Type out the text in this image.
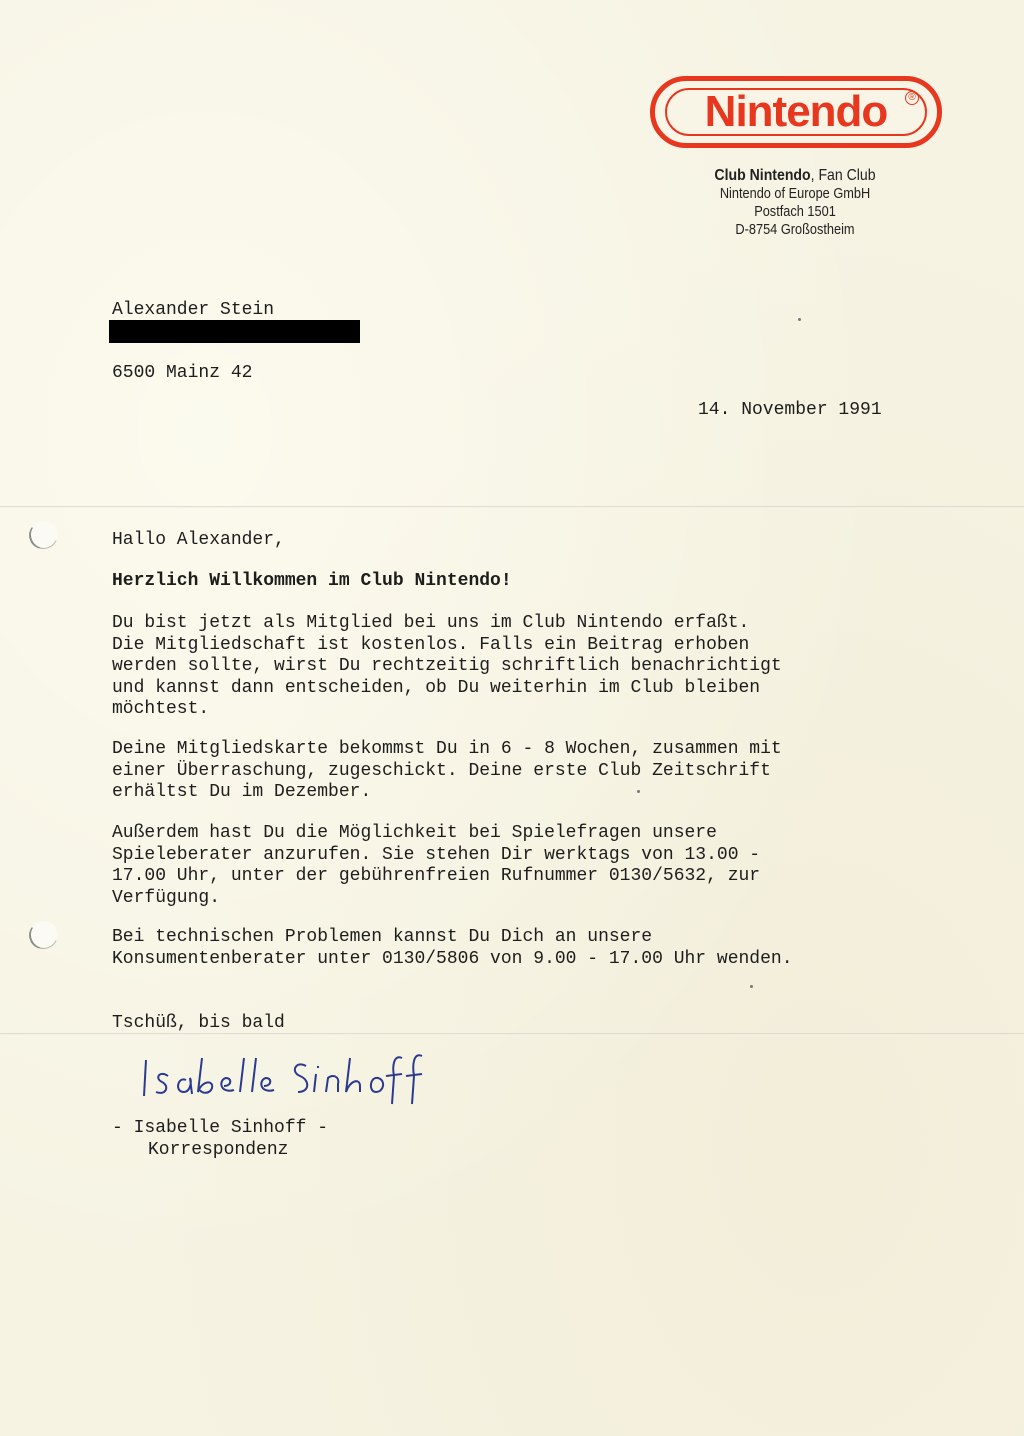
Nintendo	®
Club Nintendo, Fan Club
Nintendo of Europe GmbH
Postfach 1501
D-8754 Großostheim
Alexander Stein
6500 Mainz 42
14. November 1991
Hallo Alexander,
Herzlich Willkommen im Club Nintendo!
Du bist jetzt als Mitglied bei uns im Club Nintendo erfaßt.
Die Mitgliedschaft ist kostenlos. Falls ein Beitrag erhoben
werden sollte, wirst Du rechtzeitig schriftlich benachrichtigt
und kannst dann entscheiden, ob Du weiterhin im Club bleiben
möchtest.
Deine Mitgliedskarte bekommst Du in 6 - 8 Wochen, zusammen mit
einer Überraschung, zugeschickt. Deine erste Club Zeitschrift
erhältst Du im Dezember.
Außerdem hast Du die Möglichkeit bei Spielefragen unsere
Spieleberater anzurufen. Sie stehen Dir werktags von 13.00 -
17.00 Uhr, unter der gebührenfreien Rufnummer 0130/5632, zur
Verfügung.
Bei technischen Problemen kannst Du Dich an unsere
Konsumentenberater unter 0130/5806 von 9.00 - 17.00 Uhr wenden.
Tschüß, bis bald
- Isabelle Sinhoff -
Korrespondenz
